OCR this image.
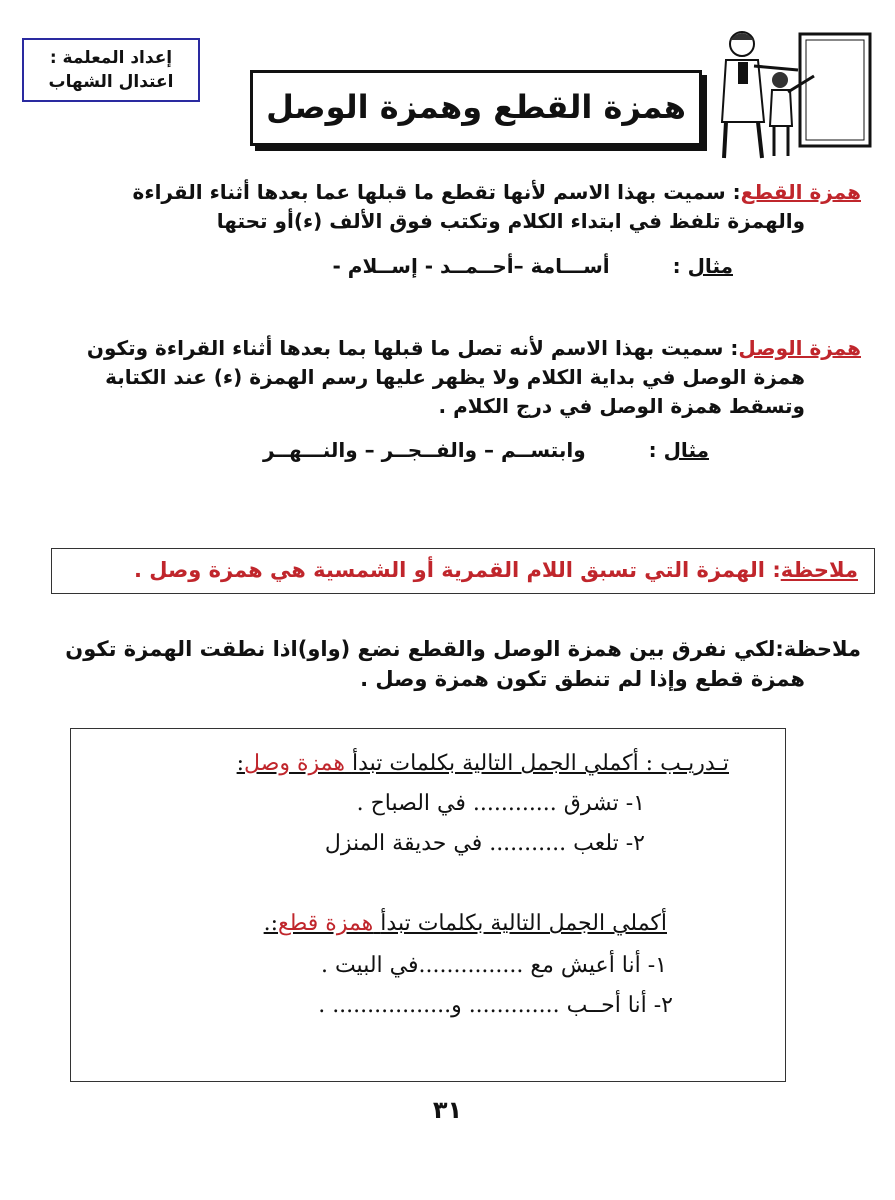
إعداد المعلمة :
اعتدال الشهاب
همزة القطع وهمزة الوصل
همزة القطع: سميت بهذا الاسم لأنها تقطع ما قبلها عما بعدها أثناء القراءة
والهمزة تلفظ في ابتداء الكلام وتكتب فوق الألف (ء)أو تحتها
مثال : أســـامة –أحــمــد - إســلام -
همزة الوصل: سميت بهذا الاسم لأنه تصل ما قبلها بما بعدها أثناء القراءة وتكون
همزة الوصل في بداية الكلام ولا يظهر عليها رسم الهمزة (ء) عند الكتابة
وتسقط همزة الوصل في درج الكلام .
مثال : وابتســم – والفــجــر – والنـــهــر
ملاحظة: الهمزة التي تسبق اللام القمرية أو الشمسية هي همزة وصل .
ملاحظة:لكي نفرق بين همزة الوصل والقطع نضع (واو)اذا نطقت الهمزة تكون
همزة قطع وإذا لم تنطق تكون همزة وصل .
تـدريـب : أكملي الجمل التالية بكلمات تبدأ همزة وصل:
١- تشرق ............ في الصباح .
٢- تلعب ........... في حديقة المنزل
أكملي الجمل التالية بكلمات تبدأ همزة قطع:.
١- أنا أعيش مع ...............في البيت .
٢- أنا أحــب ............. و................. .
٣١
